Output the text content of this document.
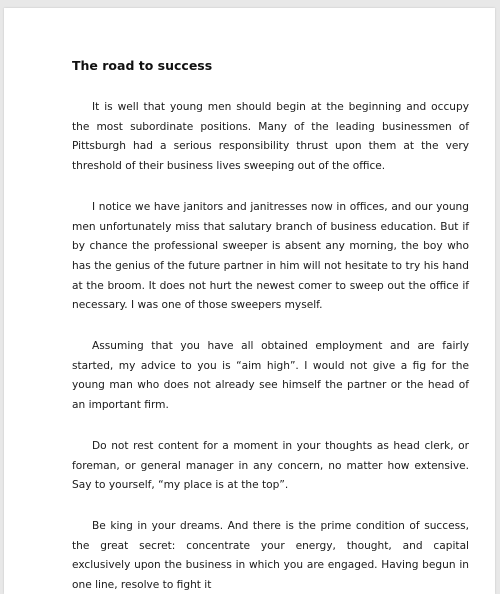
The road to success

It is well that young men should begin at the beginning and occupy the most subordinate positions. Many of the leading businessmen of Pittsburgh had a serious responsibility thrust upon them at the very threshold of their business lives sweeping out of the office.

I notice we have janitors and janitresses now in offices, and our young men unfortunately miss that salutary branch of business education. But if by chance the professional sweeper is absent any morning, the boy who has the genius of the future partner in him will not hesitate to try his hand at the broom. It does not hurt the newest comer to sweep out the office if necessary. I was one of those sweepers myself.

Assuming that you have all obtained employment and are fairly started, my advice to you is “aim high”. I would not give a fig for the young man who does not already see himself the partner or the head of an important firm.

Do not rest content for a moment in your thoughts as head clerk, or foreman, or general manager in any concern, no matter how extensive. Say to yourself, “my place is at the top”.

Be king in your dreams. And there is the prime condition of success, the great secret: concentrate your energy, thought, and capital exclusively upon the business in which you are engaged. Having begun in one line, resolve to fight it
